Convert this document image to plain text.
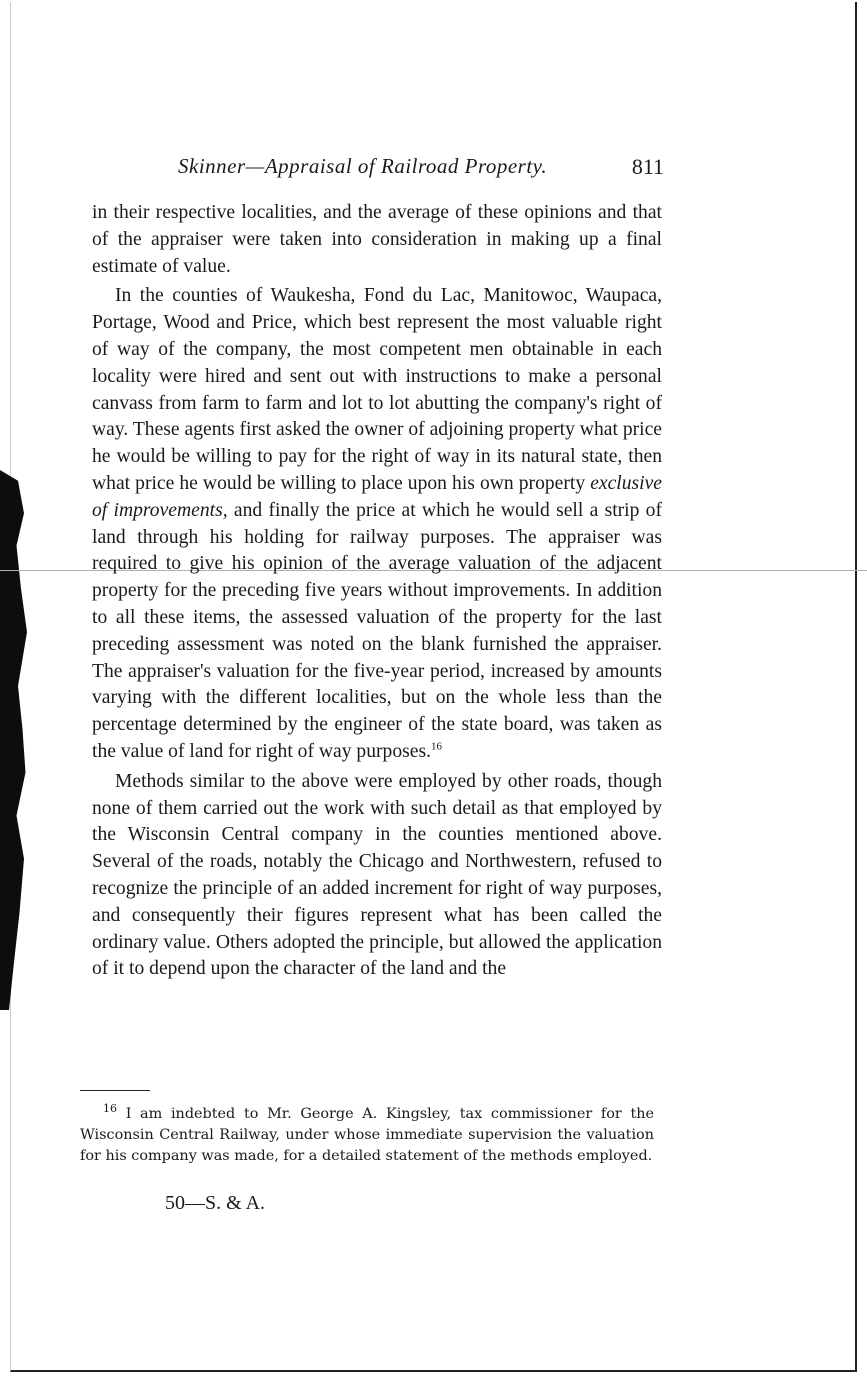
Skinner—Appraisal of Railroad Property.	811

in their respective localities, and the average of these opinions and that of the appraiser were taken into consideration in making up a final estimate of value.

In the counties of Waukesha, Fond du Lac, Manitowoc, Waupaca, Portage, Wood and Price, which best represent the most valuable right of way of the company, the most competent men obtainable in each locality were hired and sent out with instructions to make a personal canvass from farm to farm and lot to lot abutting the company's right of way. These agents first asked the owner of adjoining property what price he would be willing to pay for the right of way in its natural state, then what price he would be willing to place upon his own property exclusive of improvements, and finally the price at which he would sell a strip of land through his holding for railway purposes. The appraiser was required to give his opinion of the average valuation of the adjacent property for the preceding five years without improvements. In addition to all these items, the assessed valuation of the property for the last preceding assessment was noted on the blank furnished the appraiser. The appraiser's valuation for the five-year period, increased by amounts varying with the different localities, but on the whole less than the percentage determined by the engineer of the state board, was taken as the value of land for right of way purposes.$^{16}$

Methods similar to the above were employed by other roads, though none of them carried out the work with such detail as that employed by the Wisconsin Central company in the counties mentioned above. Several of the roads, notably the Chicago and Northwestern, refused to recognize the principle of an added increment for right of way purposes, and consequently their figures represent what has been called the ordinary value. Others adopted the principle, but allowed the application of it to depend upon the character of the land and the

$^{16}$ I am indebted to Mr. George A. Kingsley, tax commissioner for the Wisconsin Central Railway, under whose immediate supervision the valuation for his company was made, for a detailed statement of the methods employed.
50—S. & A.
